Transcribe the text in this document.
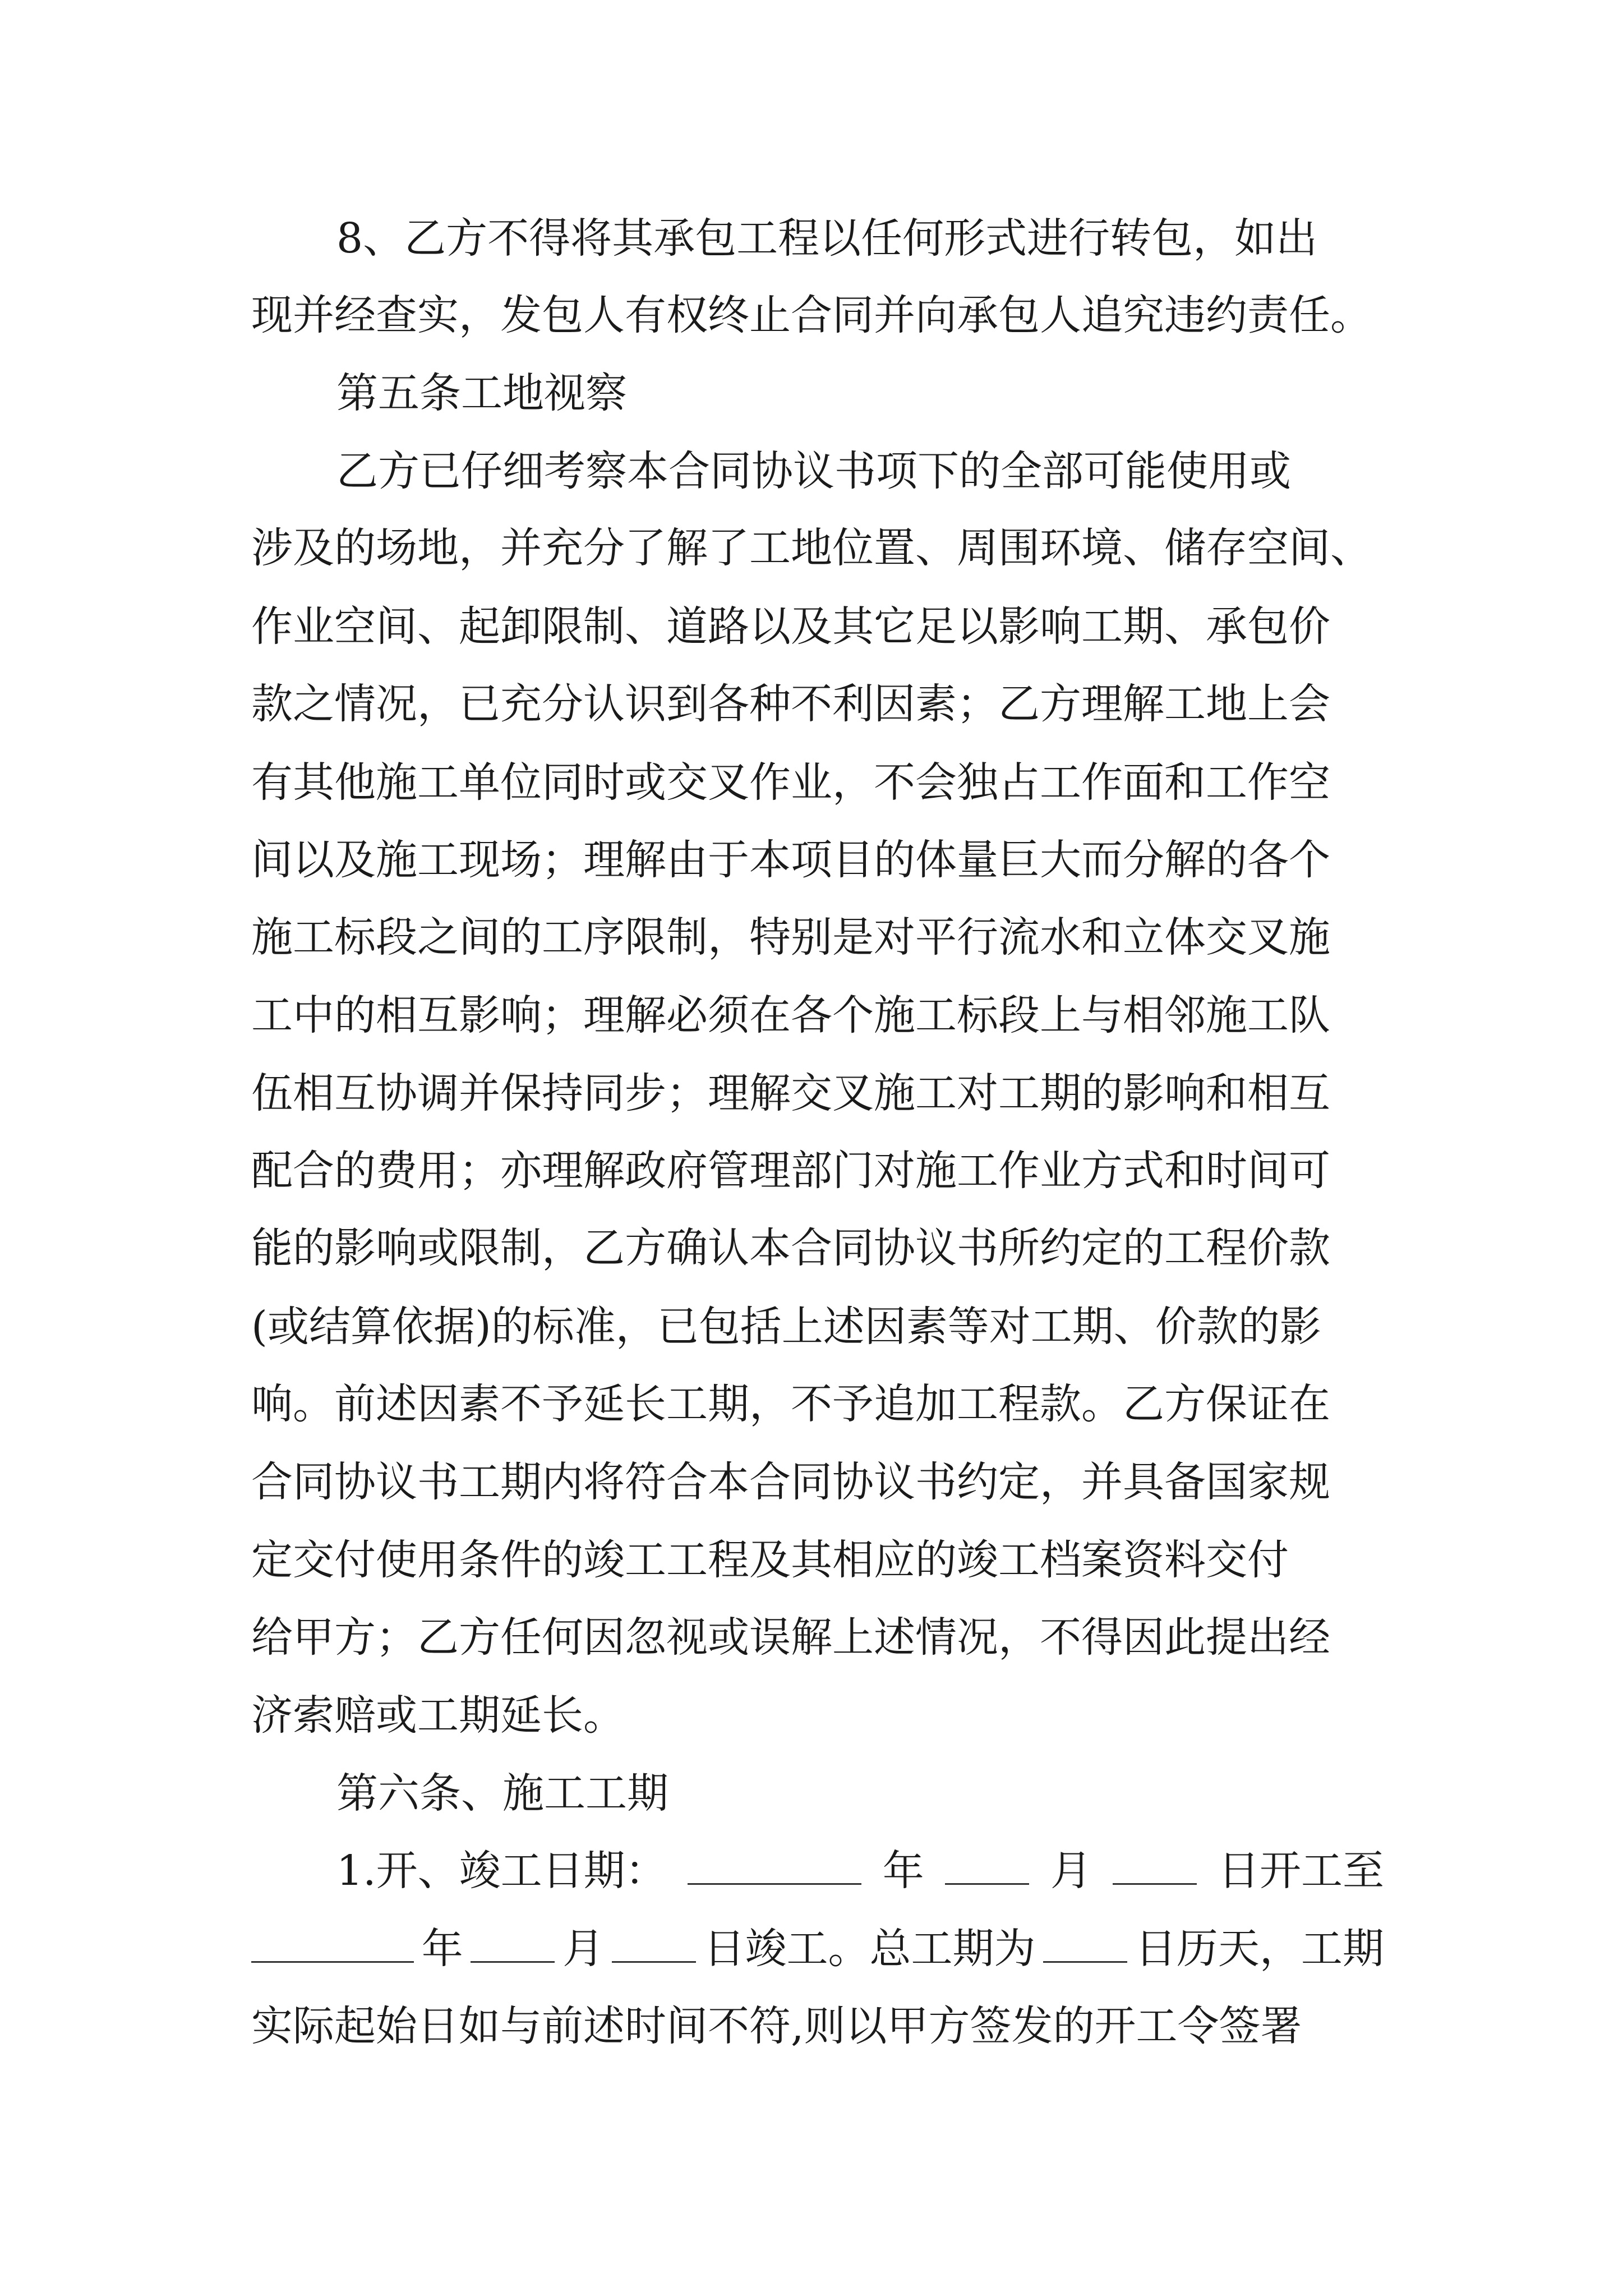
8、乙方不得将其承包工程以任何形式进行转包，如出
现并经查实，发包人有权终止合同并向承包人追究违约责任。
第五条工地视察
乙方已仔细考察本合同协议书项下的全部可能使用或
涉及的场地，并充分了解了工地位置、周围环境、储存空间、
作业空间、起卸限制、道路以及其它足以影响工期、承包价
款之情况，已充分认识到各种不利因素；乙方理解工地上会
有其他施工单位同时或交叉作业，不会独占工作面和工作空
间以及施工现场；理解由于本项目的体量巨大而分解的各个
施工标段之间的工序限制，特别是对平行流水和立体交叉施
工中的相互影响；理解必须在各个施工标段上与相邻施工队
伍相互协调并保持同步；理解交叉施工对工期的影响和相互
配合的费用；亦理解政府管理部门对施工作业方式和时间可
能的影响或限制，乙方确认本合同协议书所约定的工程价款
(或结算依据)的标准，已包括上述因素等对工期、价款的影
响。前述因素不予延长工期，不予追加工程款。乙方保证在
合同协议书工期内将符合本合同协议书约定，并具备国家规
定交付使用条件的竣工工程及其相应的竣工档案资料交付
给甲方；乙方任何因忽视或误解上述情况，不得因此提出经
济索赔或工期延长。
第六条、施工工期
1.开、竣工日期：	年	月	日开工至
年 月 日竣工。总工期为 日历天，工期
实际起始日如与前述时间不符,则以甲方签发的开工令签署
